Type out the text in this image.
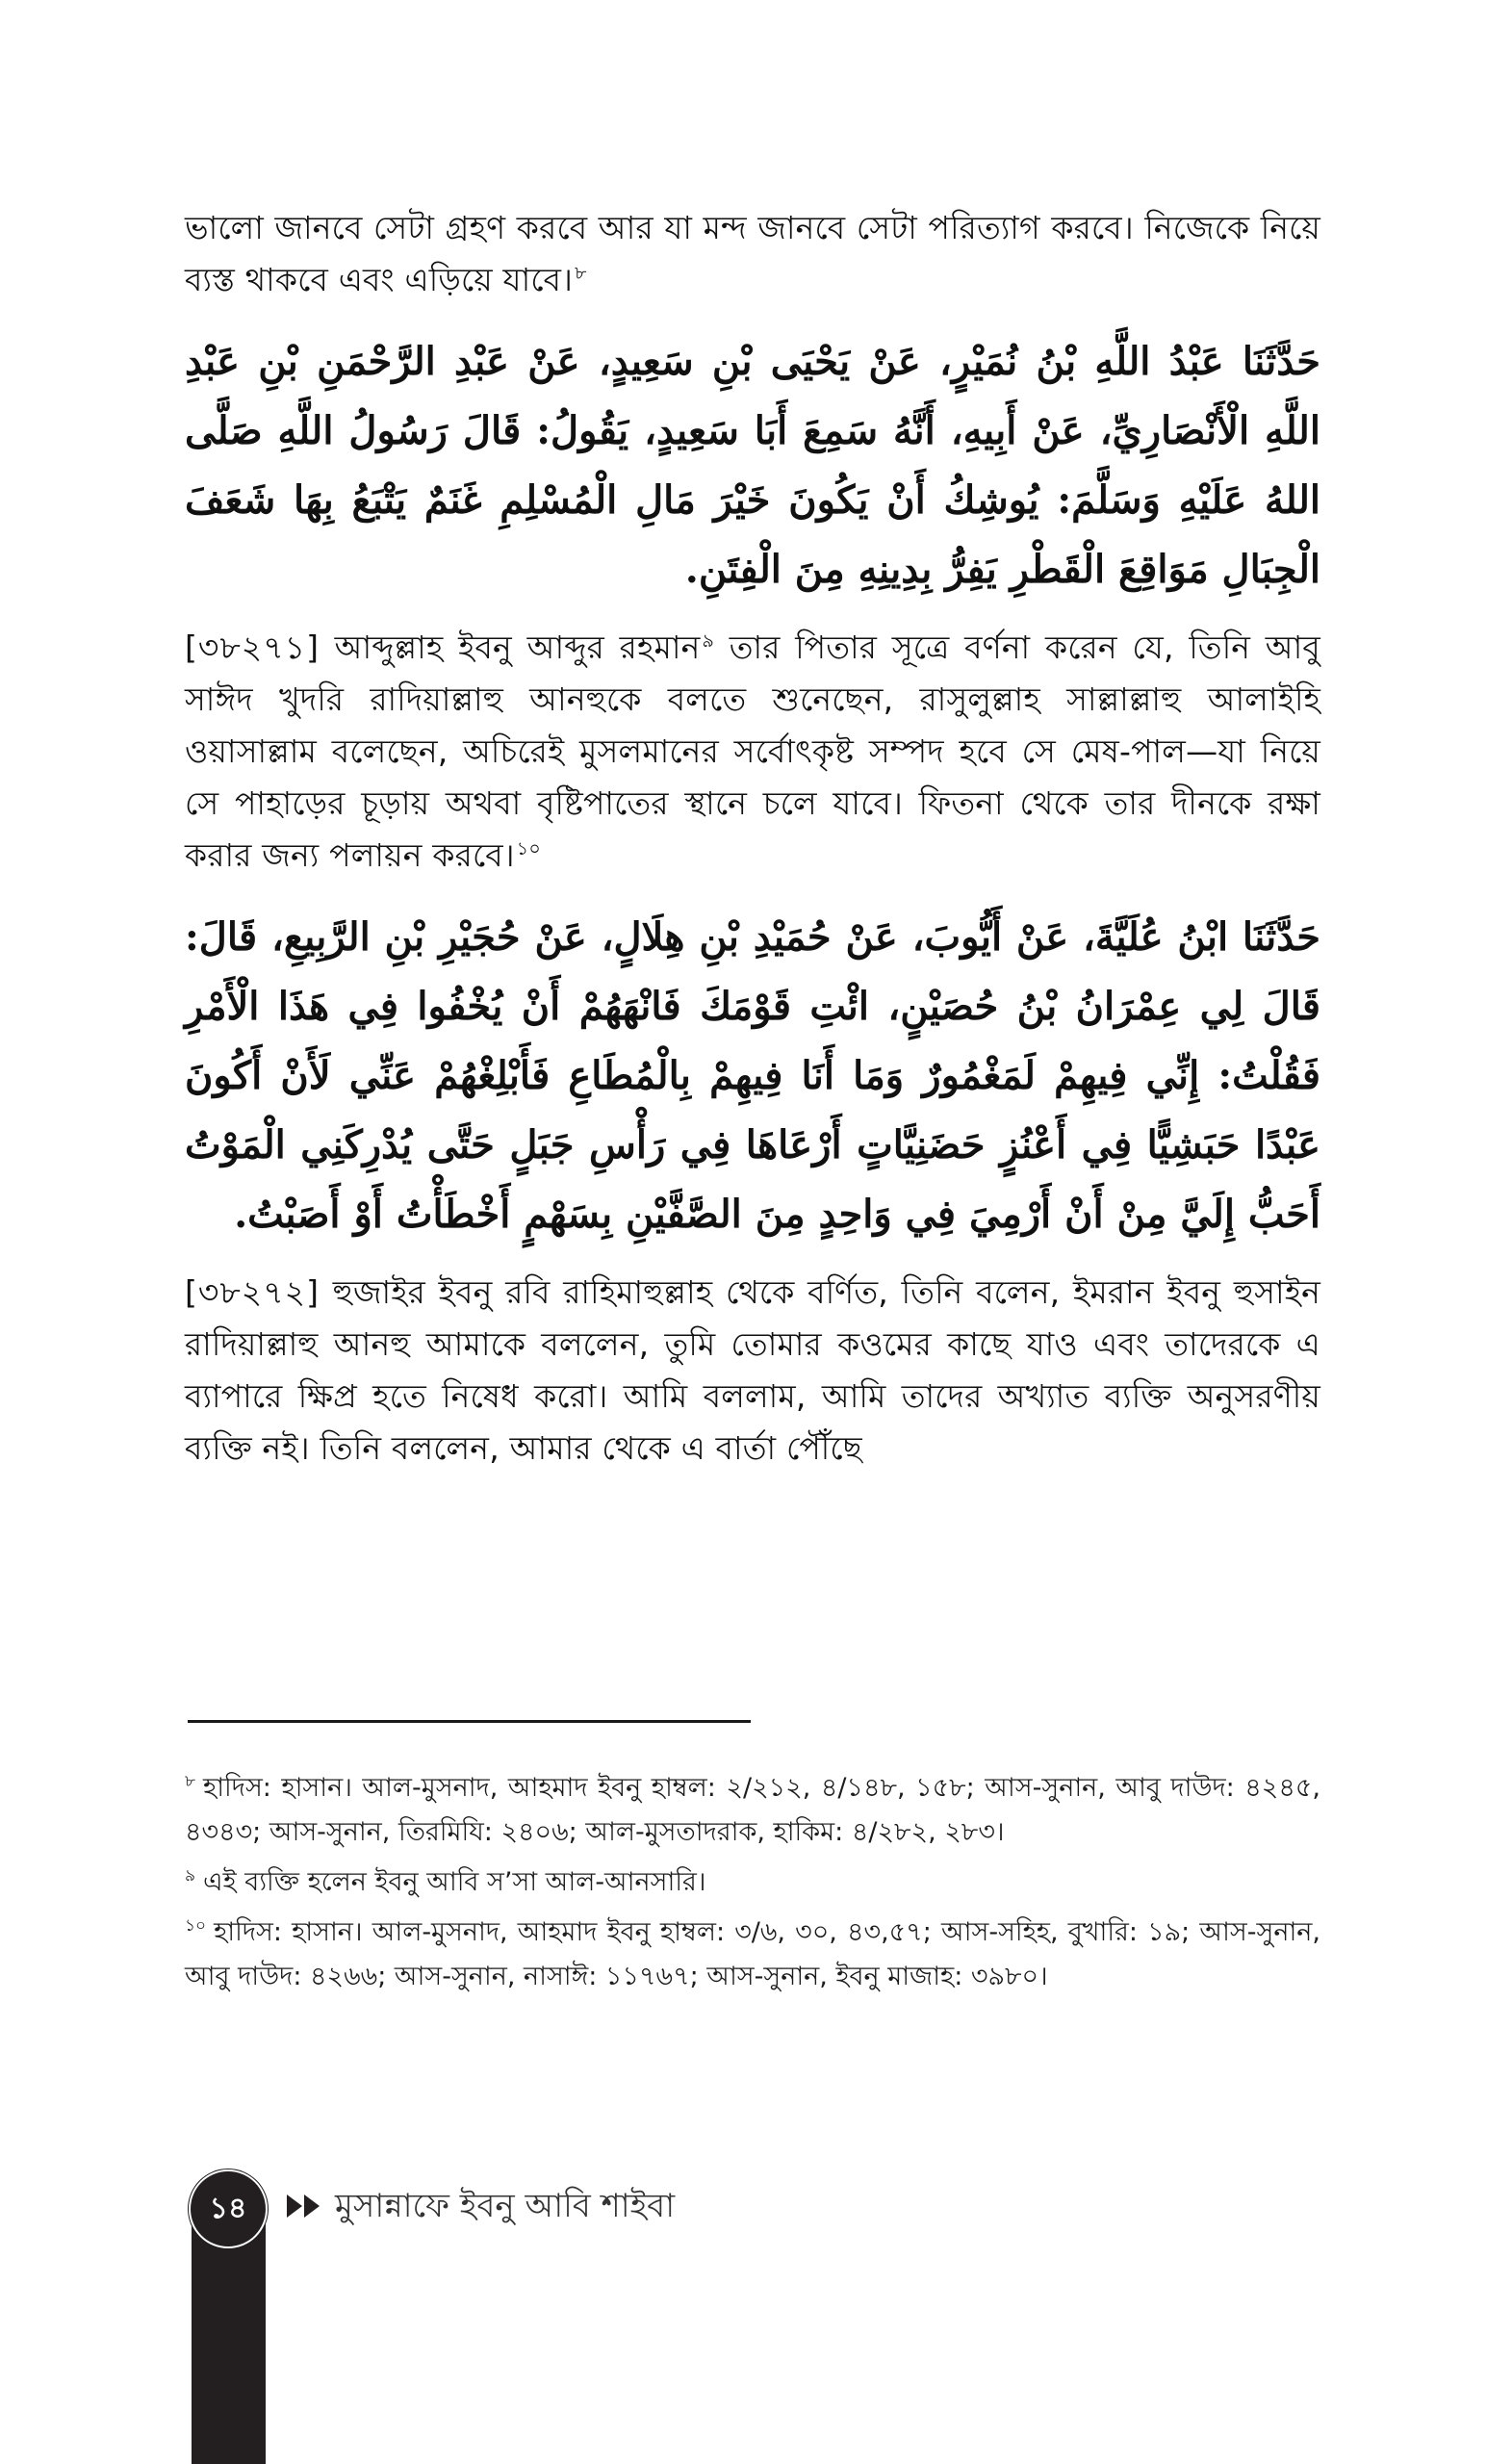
ভালো জানবে সেটা গ্রহণ করবে আর যা মন্দ জানবে সেটা পরিত্যাগ করবে। নিজেকে নিয়ে ব্যস্ত থাকবে এবং এড়িয়ে যাবে। $^৮$

حَدَّثَنَا عَبْدُ اللَّهِ بْنُ نُمَيْرٍ، عَنْ يَحْيَى بْنِ سَعِيدٍ، عَنْ عَبْدِ الرَّحْمَنِ بْنِ عَبْدِ اللَّهِ الْأَنْصَارِيِّ، عَنْ أَبِيهِ، أَنَّهُ سَمِعَ أَبَا سَعِيدٍ، يَقُولُ: قَالَ رَسُولُ اللَّهِ صَلَّى اللهُ عَلَيْهِ وَسَلَّمَ: يُوشِكُ أَنْ يَكُونَ خَيْرَ مَالِ الْمُسْلِمِ غَنَمٌ يَتْبَعُ بِهَا شَعَفَ الْجِبَالِ مَوَاقِعَ الْقَطْرِ يَفِرُّ بِدِينِهِ مِنَ الْفِتَنِ.

[৩৮২৭১] আব্দুল্লাহ ইবনু আব্দুর রহমান $^৯$ তার পিতার সূত্রে বর্ণনা করেন যে, তিনি আবু সাঈদ খুদরি রাদিয়াল্লাহু আনহুকে বলতে শুনেছেন, রাসুলুল্লাহ সাল্লাল্লাহু আলাইহি ওয়াসাল্লাম বলেছেন, অচিরেই মুসলমানের সর্বোৎকৃষ্ট সম্পদ হবে সে মেষ-পাল—যা নিয়ে সে পাহাড়ের চূড়ায় অথবা বৃষ্টিপাতের স্থানে চলে যাবে। ফিতনা থেকে তার দীনকে রক্ষা করার জন্য পলায়ন করবে। $^{১০}$

حَدَّثَنَا ابْنُ عُلَيَّةَ، عَنْ أَيُّوبَ، عَنْ حُمَيْدِ بْنِ هِلَالٍ، عَنْ حُجَيْرِ بْنِ الرَّبِيعِ، قَالَ: قَالَ لِي عِمْرَانُ بْنُ حُصَيْنٍ، ائْتِ قَوْمَكَ فَانْهَهُمْ أَنْ يُخْفُوا فِي هَذَا الْأَمْرِ فَقُلْتُ: إِنِّي فِيهِمْ لَمَغْمُورٌ وَمَا أَنَا فِيهِمْ بِالْمُطَاعِ فَأَبْلِغْهُمْ عَنِّي لَأَنْ أَكُونَ عَبْدًا حَبَشِيًّا فِي أَعْنُزٍ حَضَنِيَّاتٍ أَرْعَاهَا فِي رَأْسِ جَبَلٍ حَتَّى يُدْرِكَنِي الْمَوْتُ أَحَبُّ إِلَيَّ مِنْ أَنْ أَرْمِيَ فِي وَاحِدٍ مِنَ الصَّفَّيْنِ بِسَهْمٍ أَخْطَأْتُ أَوْ أَصَبْتُ.

[৩৮২৭২] হুজাইর ইবনু রবি রাহিমাহুল্লাহ থেকে বর্ণিত, তিনি বলেন, ইমরান ইবনু হুসাইন রাদিয়াল্লাহু আনহু আমাকে বললেন, তুমি তোমার কওমের কাছে যাও এবং তাদেরকে এ ব্যাপারে ক্ষিপ্র হতে নিষেধ করো। আমি বললাম, আমি তাদের অখ্যাত ব্যক্তি অনুসরণীয় ব্যক্তি নই। তিনি বললেন, আমার থেকে এ বার্তা পৌঁছে

$^৮$ হাদিস: হাসান। আল-মুসনাদ, আহমাদ ইবনু হাম্বল: ২/২১২, ৪/১৪৮, ১৫৮; আস-সুনান, আবু দাউদ: ৪২৪৫, ৪৩৪৩; আস-সুনান, তিরমিযি: ২৪০৬; আল-মুসতাদরাক, হাকিম: ৪/২৮২, ২৮৩।

$^৯$ এই ব্যক্তি হলেন ইবনু আবি স’সা আল-আনসারি।

$^{১০}$ হাদিস: হাসান। আল-মুসনাদ, আহমাদ ইবনু হাম্বল: ৩/৬, ৩০, ৪৩,৫৭; আস-সহিহ, বুখারি: ১৯; আস-সুনান, আবু দাউদ: ৪২৬৬; আস-সুনান, নাসাঈ: ১১৭৬৭; আস-সুনান, ইবনু মাজাহ: ৩৯৮০।

১৪	মুসান্নাফে ইবনু আবি শাইবা
